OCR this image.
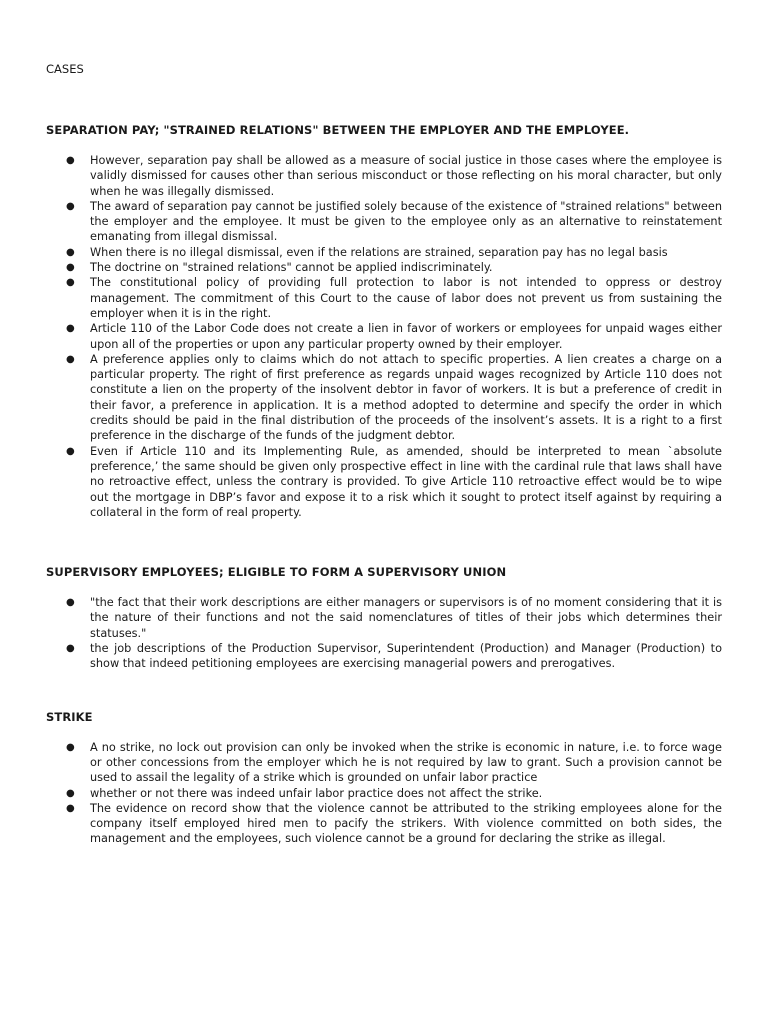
CASES
SEPARATION PAY; "STRAINED RELATIONS" BETWEEN THE EMPLOYER AND THE EMPLOYEE.
● However, separation pay shall be allowed as a measure of social justice in those cases where the employee is validly dismissed for causes other than serious misconduct or those reflecting on his moral character, but only when he was illegally dismissed.
● The award of separation pay cannot be justified solely because of the existence of "strained relations" between the employer and the employee. It must be given to the employee only as an alternative to reinstatement emanating from illegal dismissal.
● When there is no illegal dismissal, even if the relations are strained, separation pay has no legal basis
● The doctrine on "strained relations" cannot be applied indiscriminately.
● The constitutional policy of providing full protection to labor is not intended to oppress or destroy management. The commitment of this Court to the cause of labor does not prevent us from sustaining the employer when it is in the right.
● Article 110 of the Labor Code does not create a lien in favor of workers or employees for unpaid wages either upon all of the properties or upon any particular property owned by their employer.
● A preference applies only to claims which do not attach to specific properties. A lien creates a charge on a particular property. The right of first preference as regards unpaid wages recognized by Article 110 does not constitute a lien on the property of the insolvent debtor in favor of workers. It is but a preference of credit in their favor, a preference in application. It is a method adopted to determine and specify the order in which credits should be paid in the final distribution of the proceeds of the insolvent’s assets. It is a right to a first preference in the discharge of the funds of the judgment debtor.
● Even if Article 110 and its Implementing Rule, as amended, should be interpreted to mean `absolute preference,’ the same should be given only prospective effect in line with the cardinal rule that laws shall have no retroactive effect, unless the contrary is provided. To give Article 110 retroactive effect would be to wipe out the mortgage in DBP’s favor and expose it to a risk which it sought to protect itself against by requiring a collateral in the form of real property.
SUPERVISORY EMPLOYEES; ELIGIBLE TO FORM A SUPERVISORY UNION
● "the fact that their work descriptions are either managers or supervisors is of no moment considering that it is the nature of their functions and not the said nomenclatures of titles of their jobs which determines their statuses."
● the job descriptions of the Production Supervisor, Superintendent (Production) and Manager (Production) to show that indeed petitioning employees are exercising managerial powers and prerogatives.
STRIKE
● A no strike, no lock out provision can only be invoked when the strike is economic in nature, i.e. to force wage or other concessions from the employer which he is not required by law to grant. Such a provision cannot be used to assail the legality of a strike which is grounded on unfair labor practice
● whether or not there was indeed unfair labor practice does not affect the strike.
● The evidence on record show that the violence cannot be attributed to the striking employees alone for the company itself employed hired men to pacify the strikers. With violence committed on both sides, the management and the employees, such violence cannot be a ground for declaring the strike as illegal.
